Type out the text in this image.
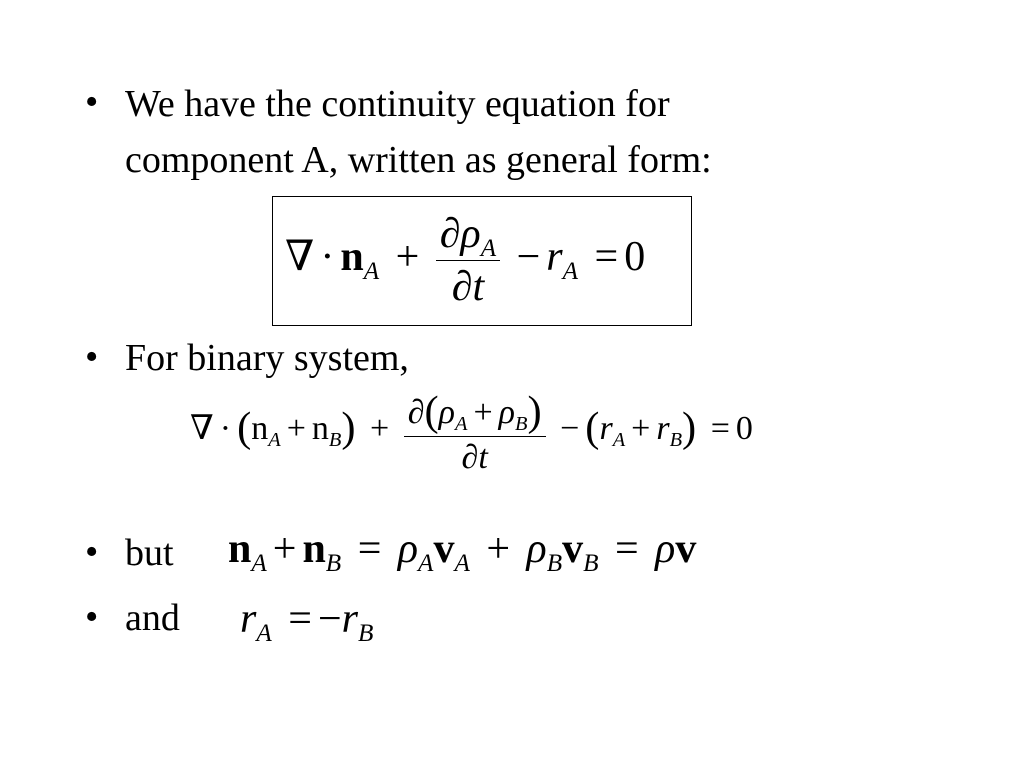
• We have the continuity equation for
component A, written as general form:
∇ · $n_A + \frac{\partial\rho_A}{\partial t} - r_A = 0$
• For binary system,
∇ · $(n_A + n_B) + \frac{\partial(\rho_A + \rho_B)}{\partial t} - (r_A + r_B) = 0$
• but $n_A + n_B = \rho_Av_A + \rho_Bv_B = \rho v$
• and $r_A = -r_B$
